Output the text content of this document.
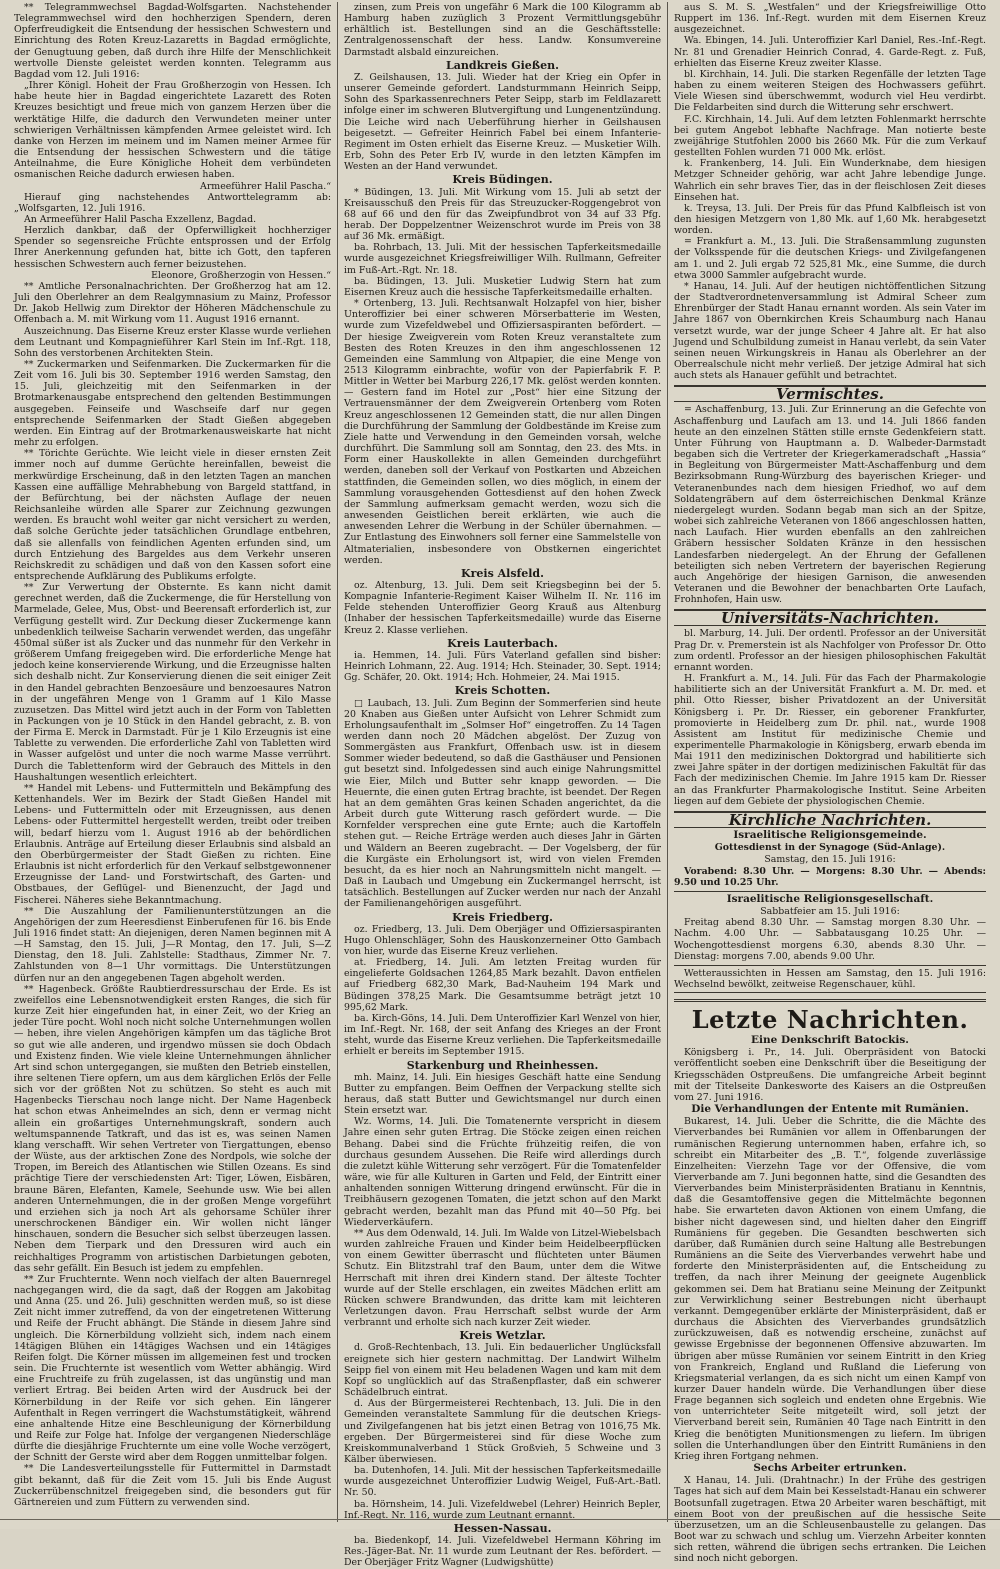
** Telegrammwechsel Bagdad-Wolfsgarten. Nachstehender Telegrammwechsel wird den hochherzigen Spendern, deren Opferfreudigkeit die Entsendung der hessischen Schwestern und Einrichtung des Roten Kreuz-Lazaretts in Bagdad ermöglichte, der Genugtuung geben, daß durch ihre Hilfe der Menschlichkeit wertvolle Dienste geleistet werden konnten. Telegramm aus Bagdad vom 12. Juli 1916:

„Ihrer Königl. Hoheit der Frau Großherzogin von Hessen. Ich habe heute hier in Bagdad eingerichtete Lazarett des Roten Kreuzes besichtigt und freue mich von ganzem Herzen über die werktätige Hilfe, die dadurch den Verwundeten meiner unter schwierigen Verhältnissen kämpfenden Armee geleistet wird. Ich danke von Herzen im meinem und im Namen meiner Armee für die Entsendung der hessischen Schwestern und die tätige Anteilnahme, die Eure Königliche Hoheit dem verbündeten osmanischen Reiche dadurch erwiesen haben.

Armeeführer Halil Pascha.“

Hierauf ging nachstehendes Antworttelegramm ab: „Wolfsgarten, 12. Juli 1916.

An Armeeführer Halil Pascha Exzellenz, Bagdad.

Herzlich dankbar, daß der Opferwilligkeit hochherziger Spender so segensreiche Früchte entsprossen und der Erfolg Ihrer Anerkennung gefunden hat, bitte ich Gott, den tapferen hessischen Schwestern auch ferner beizustehen.

Eleonore, Großherzogin von Hessen.“

** Amtliche Personalnachrichten. Der Großherzog hat am 12. Juli den Oberlehrer an dem Realgymnasium zu Mainz, Professor Dr. Jakob Hellwig zum Direktor der Höheren Mädchenschule zu Offenbach a. M. mit Wirkung vom 11. August 1916 ernannt.

Auszeichnung. Das Eiserne Kreuz erster Klasse wurde verliehen dem Leutnant und Kompagnieführer Karl Stein im Inf.-Rgt. 118, Sohn des verstorbenen Architekten Stein.

** Zuckermarken und Seifenmarken. Die Zuckermarken für die Zeit vom 16. Juli bis 30. September 1916 werden Samstag, den 15. Juli, gleichzeitig mit den Seifenmarken in der Brotmarkenausgabe entsprechend den geltenden Bestimmungen ausgegeben. Feinseife und Waschseife darf nur gegen entsprechende Seifenmarken der Stadt Gießen abgegeben werden. Ein Eintrag auf der Brotmarkenausweiskarte hat nicht mehr zu erfolgen.

** Törichte Gerüchte. Wie leicht viele in dieser ernsten Zeit immer noch auf dumme Gerüchte hereinfallen, beweist die merkwürdige Erscheinung, daß in den letzten Tagen an manchen Kassen eine auffällige Mehrabhebung von Bargeld stattfand, in der Befürchtung, bei der nächsten Auflage der neuen Reichsanleihe würden alle Sparer zur Zeichnung gezwungen werden. Es braucht wohl weiter gar nicht versichert zu werden, daß solche Gerüchte jeder tatsächlichen Grundlage entbehren, daß sie allenfalls von feindlichen Agenten erfunden sind, um durch Entziehung des Bargeldes aus dem Verkehr unseren Reichskredit zu schädigen und daß von den Kassen sofort eine entsprechende Aufklärung des Publikums erfolgte.

** Zur Verwertung der Obsternte. Es kann nicht damit gerechnet werden, daß die Zuckermenge, die für Herstellung von Marmelade, Gelee, Mus, Obst- und Beerensaft erforderlich ist, zur Verfügung gestellt wird. Zur Deckung dieser Zuckermenge kann unbedenklich teilweise Sacharin verwendet werden, das ungefähr 450mal süßer ist als Zucker und das nunmehr für den Verkehr in größerem Umfang freigegeben wird. Die erforderliche Menge hat jedoch keine konservierende Wirkung, und die Erzeugnisse halten sich deshalb nicht. Zur Konservierung dienen die seit einiger Zeit in den Handel gebrachten Benzoesäure und benzoesaures Natron in der ungefähren Menge von 1 Gramm auf 1 Kilo Masse zuzusetzen. Das Mittel wird jetzt auch in der Form von Tabletten in Packungen von je 10 Stück in den Handel gebracht, z. B. von der Firma E. Merck in Darmstadt. Für je 1 Kilo Erzeugnis ist eine Tablette zu verwenden. Die erforderliche Zahl von Tabletten wird in Wasser aufgelöst und unter die noch warme Masse verrührt. Durch die Tablettenform wird der Gebrauch des Mittels in den Haushaltungen wesentlich erleichtert.

** Handel mit Lebens- und Futtermitteln und Bekämpfung des Kettenhandels. Wer im Bezirk der Stadt Gießen Handel mit Lebens- und Futtermitteln oder mit Erzeugnissen, aus denen Lebens- oder Futtermittel hergestellt werden, treibt oder treiben will, bedarf hierzu vom 1. August 1916 ab der behördlichen Erlaubnis. Anträge auf Erteilung dieser Erlaubnis sind alsbald an den Oberbürgermeister der Stadt Gießen zu richten. Eine Erlaubnis ist nicht erforderlich für den Verkauf selbstgewonnener Erzeugnisse der Land- und Forstwirtschaft, des Garten- und Obstbaues, der Geflügel- und Bienenzucht, der Jagd und Fischerei. Näheres siehe Bekanntmachung.

** Die Auszahlung der Familienunterstützungen an die Angehörigen der zum Heeresdienst Einberufenen für 16. bis Ende Juli 1916 findet statt: An diejenigen, deren Namen beginnen mit A—H Samstag, den 15. Juli, J—R Montag, den 17. Juli, S—Z Dienstag, den 18. Juli. Zahlstelle: Stadthaus, Zimmer Nr. 7. Zahlstunden von 8—1 Uhr vormittags. Die Unterstützungen dürfen nur an den angegebenen Tagen abgeholt werden.

** Hagenbeck. Größte Raubtierdressurschau der Erde. Es ist zweifellos eine Lebensnotwendigkeit ersten Ranges, die sich für kurze Zeit hier eingefunden hat, in einer Zeit, wo der Krieg an jeder Türe pocht. Wohl noch nicht solche Unternehmungen wollen — heben, ihre vielen Angehörigen kämpfen um das tägliche Brot so gut wie alle anderen, und irgendwo müssen sie doch Obdach und Existenz finden. Wie viele kleine Unternehmungen ähnlicher Art sind schon untergegangen, sie mußten den Betrieb einstellen, ihre seltenen Tiere opfern, um aus dem kärglichen Erlös der Felle sich vor der größten Not zu schützen. So steht es auch mit Hagenbecks Tierschau noch lange nicht. Der Name Hagenbeck hat schon etwas Anheimelndes an sich, denn er vermag nicht allein ein großartiges Unternehmungskraft, sondern auch weltumspannende Tatkraft, und das ist es, was seinen Namen klang verschafft. Wir sehen Vertreter von Tiergattungen, ebenso der Wüste, aus der arktischen Zone des Nordpols, wie solche der Tropen, im Bereich des Atlantischen wie Stillen Ozeans. Es sind prächtige Tiere der verschiedensten Art: Tiger, Löwen, Eisbären, braune Bären, Elefanten, Kamele, Seehunde usw. Wie bei allen anderen Unternehmungen, die in der großen Menge vorgeführt und erziehen sich ja noch Art als gehorsame Schüler ihrer unerschrockenen Bändiger ein. Wir wollen nicht länger hinschauen, sondern die Besucher sich selbst überzeugen lassen. Neben dem Tierpark und den Dressuren wird auch ein reichhaltiges Programm von artistischen Darbietungen geboten, das sehr gefällt. Ein Besuch ist jedem zu empfehlen.

** Zur Fruchternte. Wenn noch vielfach der alten Bauernregel nachgegangen wird, die da sagt, daß der Roggen am Jakobitag und Anna (25. und 26. Juli) geschnitten werden muß, so ist diese Zeit nicht immer zutreffend, da von der eingetretenen Witterung und Reife der Frucht abhängt. Die Stände in diesem Jahre sind ungleich. Die Körnerbildung vollzieht sich, indem nach einem 14tägigen Blühen ein 14tägiges Wachsen und ein 14tägiges Reifen folgt. Die Körner müssen im allgemeinen fest und trocken sein. Die Fruchternte ist wesentlich vom Wetter abhängig. Wird eine Fruchtreife zu früh zugelassen, ist das ungünstig und man verliert Ertrag. Bei beiden Arten wird der Ausdruck bei der Körnerbildung in der Reife vor sich gehen. Ein längerer Aufenthalt in Regen verringert die Wachstumstätigkeit, während eine anhaltende Hitze eine Beschleunigung der Körnerbildung und Reife zur Folge hat. Infolge der vergangenen Niederschläge dürfte die diesjährige Fruchternte um eine volle Woche verzögert, der Schnitt der Gerste wird aber dem Roggen unmittelbar folgen.

** Die Landesverteilungsstelle für Futtermittel in Darmstadt gibt bekannt, daß für die Zeit vom 15. Juli bis Ende August Zuckerrübenschnitzel freigegeben sind, die besonders gut für Gärtnereien und zum Füttern zu verwenden sind.

zinsen, zum Preis von ungefähr 6 Mark die 100 Kilogramm ab Hamburg haben zuzüglich 3 Prozent Vermittlungsgebühr erhältlich ist. Bestellungen sind an die Geschäftsstelle: Zentralgenossenschaft der hess. Landw. Konsumvereine Darmstadt alsbald einzureichen.

Landkreis Gießen.

Z. Geilshausen, 13. Juli. Wieder hat der Krieg ein Opfer in unserer Gemeinde gefordert. Landsturmmann Heinrich Seipp, Sohn des Sparkassenrechners Peter Seipp, starb im Feldlazarett infolge einer im schweren Blutvergiftung und Lungenentzündung. Die Leiche wird nach Ueberführung hierher in Geilshausen beigesetzt. — Gefreiter Heinrich Fabel bei einem Infanterie-Regiment im Osten erhielt das Eiserne Kreuz. — Musketier Wilh. Erb, Sohn des Peter Erb IV, wurde in den letzten Kämpfen im Westen an der Hand verwundet.

Kreis Büdingen.

* Büdingen, 13. Juli. Mit Wirkung vom 15. Juli ab setzt der Kreisausschuß den Preis für das Streuzucker-Roggengebrot von 68 auf 66 und den für das Zweipfundbrot von 34 auf 33 Pfg. herab. Der Doppelzentner Weizenschrot wurde im Preis von 38 auf 36 Mk. ermäßigt.

ba. Rohrbach, 13. Juli. Mit der hessischen Tapferkeitsmedaille wurde ausgezeichnet Kriegsfreiwilliger Wilh. Rullmann, Gefreiter im Fuß-Art.-Rgt. Nr. 18.

ba. Büdingen, 13. Juli. Musketier Ludwig Stern hat zum Eisernen Kreuz auch die hessische Tapferkeitsmedaille erhalten.

* Ortenberg, 13. Juli. Rechtsanwalt Holzapfel von hier, bisher Unteroffizier bei einer schweren Mörserbatterie im Westen, wurde zum Vizefeldwebel und Offiziersaspiranten befördert. — Der hiesige Zweigverein vom Roten Kreuz veranstaltete zum Besten des Roten Kreuzes in den ihm angeschlossenen 12 Gemeinden eine Sammlung von Altpapier, die eine Menge von 2513 Kilogramm einbrachte, wofür von der Papierfabrik F. P. Mittler in Wetter bei Marburg 226,17 Mk. gelöst werden konnten. — Gestern fand im Hotel zur „Post“ hier eine Sitzung der Vertrauensmänner der dem Zweigverein Ortenberg vom Roten Kreuz angeschlossenen 12 Gemeinden statt, die nur allen Dingen die Durchführung der Sammlung der Goldbestände im Kreise zum Ziele hatte und Verwendung in den Gemeinden vorsah, welche durchführt. Die Sammlung soll am Sonntag, den 23. des Mts. in Form einer Hauskollekte in allen Gemeinden durchgeführt werden, daneben soll der Verkauf von Postkarten und Abzeichen stattfinden, die Gemeinden sollen, wo dies möglich, in einem der Sammlung vorausgehenden Gottesdienst auf den hohen Zweck der Sammlung aufmerksam gemacht werden, wozu sich die anwesenden Geistlichen bereit erklärten, wie auch die anwesenden Lehrer die Werbung in der Schüler übernahmen. — Zur Entlastung des Einwohners soll ferner eine Sammelstelle von Altmaterialien, insbesondere von Obstkernen eingerichtet werden.

Kreis Alsfeld.

oz. Altenburg, 13. Juli. Dem seit Kriegsbeginn bei der 5. Kompagnie Infanterie-Regiment Kaiser Wilhelm II. Nr. 116 im Felde stehenden Unteroffizier Georg Krauß aus Altenburg (Inhaber der hessischen Tapferkeitsmedaille) wurde das Eiserne Kreuz 2. Klasse verliehen.

Kreis Lauterbach.

ia. Hemmen, 14. Juli. Fürs Vaterland gefallen sind bisher: Heinrich Lohmann, 22. Aug. 1914; Hch. Steinader, 30. Sept. 1914; Gg. Schäfer, 20. Okt. 1914; Hch. Hohmeier, 24. Mai 1915.

Kreis Schotten.

□ Laubach, 13. Juli. Zum Beginn der Sommerferien sind heute 20 Knaben aus Gießen unter Aufsicht von Lehrer Schmidt zum Erholungsaufenthalt im „Solmser Hof“ eingetroffen. Zu 14 Tagen werden dann noch 20 Mädchen abgelöst. Der Zuzug von Sommergästen aus Frankfurt, Offenbach usw. ist in diesem Sommer wieder bedeutend, so daß die Gasthäuser und Pensionen gut besetzt sind. Infolgedessen sind auch einige Nahrungsmittel wie Eier, Milch und Butter sehr knapp geworden. — Die Heuernte, die einen guten Ertrag brachte, ist beendet. Der Regen hat an dem gemähten Gras keinen Schaden angerichtet, da die Arbeit durch gute Witterung rasch gefördert wurde. — Die Kornfelder versprechen eine gute Ernte; auch die Kartoffeln stehen gut. — Reiche Erträge werden auch dieses Jahr in Gärten und Wäldern an Beeren zugebracht. — Der Vogelsberg, der für die Kurgäste ein Erholungsort ist, wird von vielen Fremden besucht, da es hier noch an Nahrungsmitteln nicht mangelt. — Daß in Laubach und Umgebung ein Zuckermangel herrscht, ist tatsächlich. Bestellungen auf Zucker werden nur nach der Anzahl der Familienangehörigen ausgeführt.

Kreis Friedberg.

oz. Friedberg, 13. Juli. Dem Oberjäger und Offiziersaspiranten Hugo Ohlenschläger, Sohn des Hauskonzerneiner Otto Gambach von hier, wurde das Eiserne Kreuz verliehen.

at. Friedberg, 14. Juli. Am letzten Freitag wurden für eingelieferte Goldsachen 1264,85 Mark bezahlt. Davon entfielen auf Friedberg 682,30 Mark, Bad-Nauheim 194 Mark und Büdingen 378,25 Mark. Die Gesamtsumme beträgt jetzt 10 995,62 Mark.

ba. Kirch-Göns, 14. Juli. Dem Unteroffizier Karl Wenzel von hier, im Inf.-Regt. Nr. 168, der seit Anfang des Krieges an der Front steht, wurde das Eiserne Kreuz verliehen. Die Tapferkeitsmedaille erhielt er bereits im September 1915.

Starkenburg und Rheinhessen.

mh. Mainz, 14. Juli. Ein hiesiges Geschäft hatte eine Sendung Butter zu empfangen. Beim Oeffnen der Verpackung stellte sich heraus, daß statt Butter und Gewichtsmangel nur durch einen Stein ersetzt war.

Wz. Worms, 14. Juli. Die Tomatenernte verspricht in diesem Jahre einen sehr guten Ertrag. Die Stöcke zeigen einen reichen Behang. Dabei sind die Früchte frühzeitig reifen, die von durchaus gesundem Aussehen. Die Reife wird allerdings durch die zuletzt kühle Witterung sehr verzögert. Für die Tomatenfelder wäre, wie für alle Kulturen in Garten und Feld, der Eintritt einer anhaltenden sonnigen Witterung dringend erwünscht. Für die in Treibhäusern gezogenen Tomaten, die jetzt schon auf den Markt gebracht werden, bezahlt man das Pfund mit 40—50 Pfg. bei Wiederverkäufern.

** Aus dem Odenwald, 14. Juli. Im Walde von Litzel-Wiebelsbach wurden zahlreiche Frauen und Kinder beim Heidelbeerpflücken von einem Gewitter überrascht und flüchteten unter Bäumen Schutz. Ein Blitzstrahl traf den Baum, unter dem die Witwe Herrschaft mit ihren drei Kindern stand. Der älteste Tochter wurde auf der Stelle erschlagen, ein zweites Mädchen erlitt am Rücken schwere Brandwunden, das dritte kam mit leichteren Verletzungen davon. Frau Herrschaft selbst wurde der Arm verbrannt und erholte sich nach kurzer Zeit wieder.

Kreis Wetzlar.

d. Groß-Rechtenbach, 13. Juli. Ein bedauerlicher Unglücksfall ereignete sich hier gestern nachmittag. Der Landwirt Wilhelm Seipp fiel von einem mit Heu beladenen Wagen und kam mit dem Kopf so unglücklich auf das Straßenpflaster, daß ein schwerer Schädelbruch eintrat.

d. Aus der Bürgermeisterei Rechtenbach, 13. Juli. Die in den Gemeinden veranstaltete Sammlung für die deutschen Kriegs- und Zivilgefangenen hat bis jetzt einen Betrag von 1016,75 Mk. ergeben. Der Bürgermeisterei sind für diese Woche zum Kreiskommunalverband 1 Stück Großvieh, 5 Schweine und 3 Kälber überwiesen.

ba. Dutenhofen, 14. Juli. Mit der hessischen Tapferkeitsmedaille wurde ausgezeichnet Unteroffizier Ludwig Weigel, Fuß-Art.-Batl. Nr. 50.

ba. Hörnsheim, 14. Juli. Vizefeldwebel (Lehrer) Heinrich Bepler, Inf.-Regt. Nr. 116, wurde zum Leutnant ernannt.

Hessen-Nassau.

ba. Biedenkopf, 14. Juli. Vizefeldwebel Hermann Köhring im Res.-Jäger-Bat. Nr. 11 wurde zum Leutnant der Res. befördert. — Der Oberjäger Fritz Wagner (Ludwigshütte)

aus S. M. S. „Westfalen“ und der Kriegsfreiwillige Otto Ruppert im 136. Inf.-Regt. wurden mit dem Eisernen Kreuz ausgezeichnet.

Wa. Ebingen, 14. Juli. Unteroffizier Karl Daniel, Res.-Inf.-Regt. Nr. 81 und Grenadier Heinrich Conrad, 4. Garde-Regt. z. Fuß, erhielten das Eiserne Kreuz zweiter Klasse.

bl. Kirchhain, 14. Juli. Die starken Regenfälle der letzten Tage haben zu einem weiteren Steigen des Hochwassers geführt. Viele Wiesen sind überschwemmt, wodurch viel Heu verdirbt. Die Feldarbeiten sind durch die Witterung sehr erschwert.

F.C. Kirchhain, 14. Juli. Auf dem letzten Fohlenmarkt herrschte bei gutem Angebot lebhafte Nachfrage. Man notierte beste zweijährige Stutfohlen 2000 bis 2660 Mk. Für die zum Verkauf gestellten Fohlen wurden 71 000 Mk. erlöst.

k. Frankenberg, 14. Juli. Ein Wunderknabe, dem hiesigen Metzger Schneider gehörig, war acht Jahre lebendige Junge. Wahrlich ein sehr braves Tier, das in der fleischlosen Zeit dieses Einsehen hat.

k. Treysa, 13. Juli. Der Preis für das Pfund Kalbfleisch ist von den hiesigen Metzgern von 1,80 Mk. auf 1,60 Mk. herabgesetzt worden.

= Frankfurt a. M., 13. Juli. Die Straßensammlung zugunsten der Volksspende für die deutschen Kriegs- und Zivilgefangenen am 1. und 2. Juli ergab 72 525,81 Mk., eine Summe, die durch etwa 3000 Sammler aufgebracht wurde.

* Hanau, 14. Juli. Auf der heutigen nichtöffentlichen Sitzung der Stadtverordnetenversammlung ist Admiral Scheer zum Ehrenbürger der Stadt Hanau ernannt worden. Als sein Vater im Jahre 1867 von Obernkirchen Kreis Schaumburg nach Hanau versetzt wurde, war der junge Scheer 4 Jahre alt. Er hat also Jugend und Schulbildung zumeist in Hanau verlebt, da sein Vater seinen neuen Wirkungskreis in Hanau als Oberlehrer an der Oberrealschule nicht mehr verließ. Der jetzige Admiral hat sich auch stets als Hanauer gefühlt und betrachtet.

Vermischtes.

= Aschaffenburg, 13. Juli. Zur Erinnerung an die Gefechte von Aschaffenburg und Laufach am 13. und 14. Juli 1866 fanden heute an den einzelnen Stätten stille ernste Gedenkfeiern statt. Unter Führung von Hauptmann a. D. Walbeder-Darmstadt begaben sich die Vertreter der Kriegerkameradschaft „Hassia“ in Begleitung von Bürgermeister Matt-Aschaffenburg und dem Bezirksobmann Rung-Würzburg des bayerischen Krieger- und Veteranenbundes nach dem hiesigen Friedhof, wo auf dem Soldatengräbern auf dem österreichischen Denkmal Kränze niedergelegt wurden. Sodann begab man sich an der Spitze, wobei sich zahlreiche Veteranen von 1866 angeschlossen hatten, nach Laufach. Hier wurden ebenfalls an den zahlreichen Gräbern hessischer Soldaten Kränze in den hessischen Landesfarben niedergelegt. An der Ehrung der Gefallenen beteiligten sich neben Vertretern der bayerischen Regierung auch Angehörige der hiesigen Garnison, die anwesenden Veteranen und die Bewohner der benachbarten Orte Laufach, Frohnhofen, Hain usw.

Universitäts-Nachrichten.

bl. Marburg, 14. Juli. Der ordentl. Professor an der Universität Prag Dr. v. Premerstein ist als Nachfolger von Professor Dr. Otto zum ordentl. Professor an der hiesigen philosophischen Fakultät ernannt worden.

H. Frankfurt a. M., 14. Juli. Für das Fach der Pharmakologie habilitierte sich an der Universität Frankfurt a. M. Dr. med. et phil. Otto Riesser, bisher Privatdozent an der Universität Königsberg i. Pr. Dr. Riesser, ein geborener Frankfurter, promovierte in Heidelberg zum Dr. phil. nat., wurde 1908 Assistent am Institut für medizinische Chemie und experimentelle Pharmakologie in Königsberg, erwarb ebenda im Mai 1911 den medizinischen Doktorgrad und habilitierte sich zwei Jahre später in der dortigen medizinischen Fakultät für das Fach der medizinischen Chemie. Im Jahre 1915 kam Dr. Riesser an das Frankfurter Pharmakologische Institut. Seine Arbeiten liegen auf dem Gebiete der physiologischen Chemie.

Kirchliche Nachrichten.
Israelitische Religionsgemeinde.
Gottesdienst in der Synagoge (Süd-Anlage).

Samstag, den 15. Juli 1916:

Vorabend: 8.30 Uhr. — Morgens: 8.30 Uhr. — Abends: 9.50 und 10.25 Uhr.

Israelitische Religionsgesellschaft.

Sabbatfeier am 15. Juli 1916:

Freitag abend 8.30 Uhr. — Samstag morgen 8.30 Uhr. — Nachm. 4.00 Uhr. — Sabbatausgang 10.25 Uhr. — Wochengottesdienst morgens 6.30, abends 8.30 Uhr. — Dienstag: morgens 7.00, abends 9.00 Uhr.

Wetteraussichten in Hessen am Samstag, den 15. Juli 1916: Wechselnd bewölkt, zeitweise Regenschauer, kühl.

Letzte Nachrichten.
Eine Denkschrift Batockis.

Königsberg i. Pr., 14. Juli. Oberpräsident von Batocki veröffentlicht soeben eine Denkschrift über die Beseitigung der Kriegsschäden Ostpreußens. Die umfangreiche Arbeit beginnt mit der Titelseite Dankesworte des Kaisers an die Ostpreußen vom 27. Juni 1916.

Die Verhandlungen der Entente mit Rumänien.

Bukarest, 14. Juli. Ueber die Schritte, die die Mächte des Vierverbandes bei Rumänien vor allem in Offenbarungen der rumänischen Regierung unternommen haben, erfahre ich, so schreibt ein Mitarbeiter des „B. T.“, folgende zuverlässige Einzelheiten: Vierzehn Tage vor der Offensive, die vom Vierverbande am 7. Juni begonnen hatte, sind die Gesandten des Vierverbandes beim Ministerpräsidenten Bratianu in Kenntnis, daß die Gesamtoffensive gegen die Mittelmächte begonnen habe. Sie erwarteten davon Aktionen von einem Umfang, die bisher nicht dagewesen sind, und hielten daher den Eingriff Rumäniens für gegeben. Die Gesandten beschwerten sich darüber, daß Rumänien durch seine Haltung alle Bestrebungen Rumäniens an die Seite des Vierverbandes verwehrt habe und forderte den Ministerpräsidenten auf, die Entscheidung zu treffen, da nach ihrer Meinung der geeignete Augenblick gekommen sei. Dem hat Bratianu seine Meinung der Zeitpunkt zur Verwirklichung seiner Bestrebungen nicht überhaupt verkannt. Demgegenüber erklärte der Ministerpräsident, daß er durchaus die Absichten des Vierverbandes grundsätzlich zurückzuweisen, daß es notwendig erscheine, zunächst auf gewisse Ergebnisse der begonnenen Offensive abzuwarten. Im übrigen aber müsse Rumänien vor seinem Eintritt in den Krieg von Frankreich, England und Rußland die Lieferung von Kriegsmaterial verlangen, da es sich nicht um einen Kampf von kurzer Dauer handeln würde. Die Verhandlungen über diese Frage begannen sich sogleich und endeten ohne Ergebnis. Wie von unterrichteter Seite mitgeteilt wird, soll jetzt der Vierverband bereit sein, Rumänien 40 Tage nach Eintritt in den Krieg die benötigten Munitionsmengen zu liefern. Im übrigen sollen die Unterhandlungen über den Eintritt Rumäniens in den Krieg ihren Fortgang nehmen.

Sechs Arbeiter ertrunken.

X Hanau, 14. Juli. (Drahtnachr.) In der Frühe des gestrigen Tages hat sich auf dem Main bei Kesselstadt-Hanau ein schwerer Bootsunfall zugetragen. Etwa 20 Arbeiter waren beschäftigt, mit einem Boot von der preußischen auf die hessische Seite überzusetzen, um an die Schleusenbaustelle zu gelangen. Das Boot war zu schwach und schlug um. Vierzehn Arbeiter konnten sich retten, während die übrigen sechs ertranken. Die Leichen sind noch nicht geborgen.
